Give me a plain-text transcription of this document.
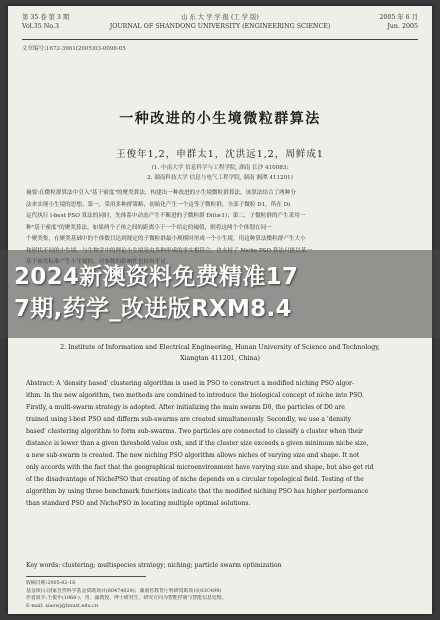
第 35 卷 第 3 期
Vol.35 No.3
山 东 大 学 学 报 (工 学 版)
JOURNAL OF SHANDONG UNIVERSITY (ENGINEERING SCIENCE)
2005 年 6 月
Jun. 2005
文章编号:1672-3961(2005)03-0098-05
一种改进的小生境微粒群算法
王俊年1,2，申群太1，沈洪远1,2，周鲜成1
(1. 中南大学 信息科学与工程学院, 湖南 长沙 410083;
2. 湖南科技大学 信息与电气工程学院, 湖南 湘潭 411201)
摘要:在微粒群算法中引入"基于密度"的聚类算法，构建出一种改进的小生境微粒群算法，该算法结合了两种分
法来实现小生境的思想。第一，采用多种群策略，初始化产生一个这等子微粒群，全部子微粒 D1，所在 Di
运代执行 l-best PSO 算法的同时，先体系中动态产生不断进的子微粒群 Di(i≥1)；第二，子微粒群的产生采用一
种"基于密度"的聚类算法，如果两个子体之间的距离小于一个给定的阈值，则将这两个个体划在同一
个聚类集，在聚类基础中的个体数目达到规定的子微粒群最小规模时形成一个小生境，用这种算法微粒群产生大小
2. Institute of Information and Electrical Engineering, Hunan University of Science and Technology,
Xiangtan 411201, China)
Abstract: A 'density based' clustering algorithm is used in PSO to construct a modified niching PSO algor-
ithm. In the new algorithm, two methods are combined to introduce the biological concept of niche into PSO.
Firstly, a multi-swarm strategy is adopted. After initializing the main swarm D0, the particles of D0 are
trained using l-best PSO and differm sub-swarms are created simultaneously. Secondly, we use a 'density
based' clustering algorithm to form sub-swarms. Two particles are connected to classify a cluster when their
distance is lower than a given threshold value σsh, and if the cluster size exceeds a given minimum niche size,
a new sub-swarm is created. The new niching PSO algorithm allows niches of varying size and shape. It not
only accords with the fact that the geographical microenvironment have varying size and shape, but also get rid
of the disadvantage of NichePSO that creating of niche depends on a circular topological field. Testing of the
algorithm by using three benchmark functions indicate that the modified niching PSO has higher performance
than standard PSO and NichePSO in locating multiple optimal solutions.
Key words: clustering; multispecies strategy; niching; particle swarm optimization
收稿日期:2005-02-16
基金项目:国家自然科学基金资助项目(60474029)；湖南省教育厅科研资助项目(03C499)
作者简介:王俊年(1968-)，男，副教授，博士研究生，研究方向为智能控制与智能信息处理。
E-mail: xiaowj@hnust.edu.cn
2024新澳资料免费精准17
7期,药学_改进版RXM8.4
